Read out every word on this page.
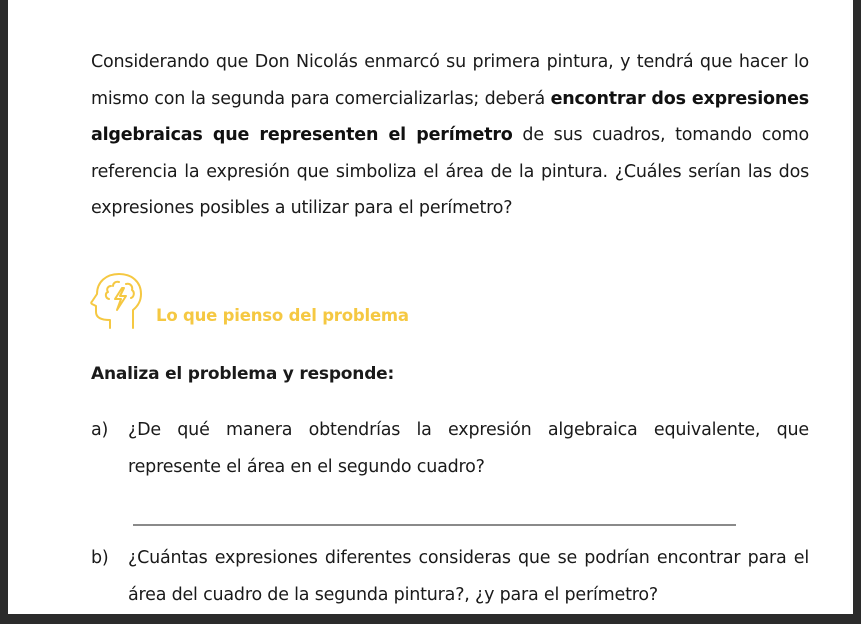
Considerando que Don Nicolás enmarcó su primera pintura, y tendrá que hacer lo mismo con la segunda para comercializarlas; deberá encontrar dos expresiones algebraicas que representen el perímetro de sus cuadros, tomando como referencia la expresión que simboliza el área de la pintura. ¿Cuáles serían las dos expresiones posibles a utilizar para el perímetro?

Lo que pienso del problema

Analiza el problema y responde:

a) ¿De qué manera obtendrías la expresión algebraica equivalente, que represente el área en el segundo cuadro?

b) ¿Cuántas expresiones diferentes consideras que se podrían encontrar para el área del cuadro de la segunda pintura?, ¿y para el perímetro?
